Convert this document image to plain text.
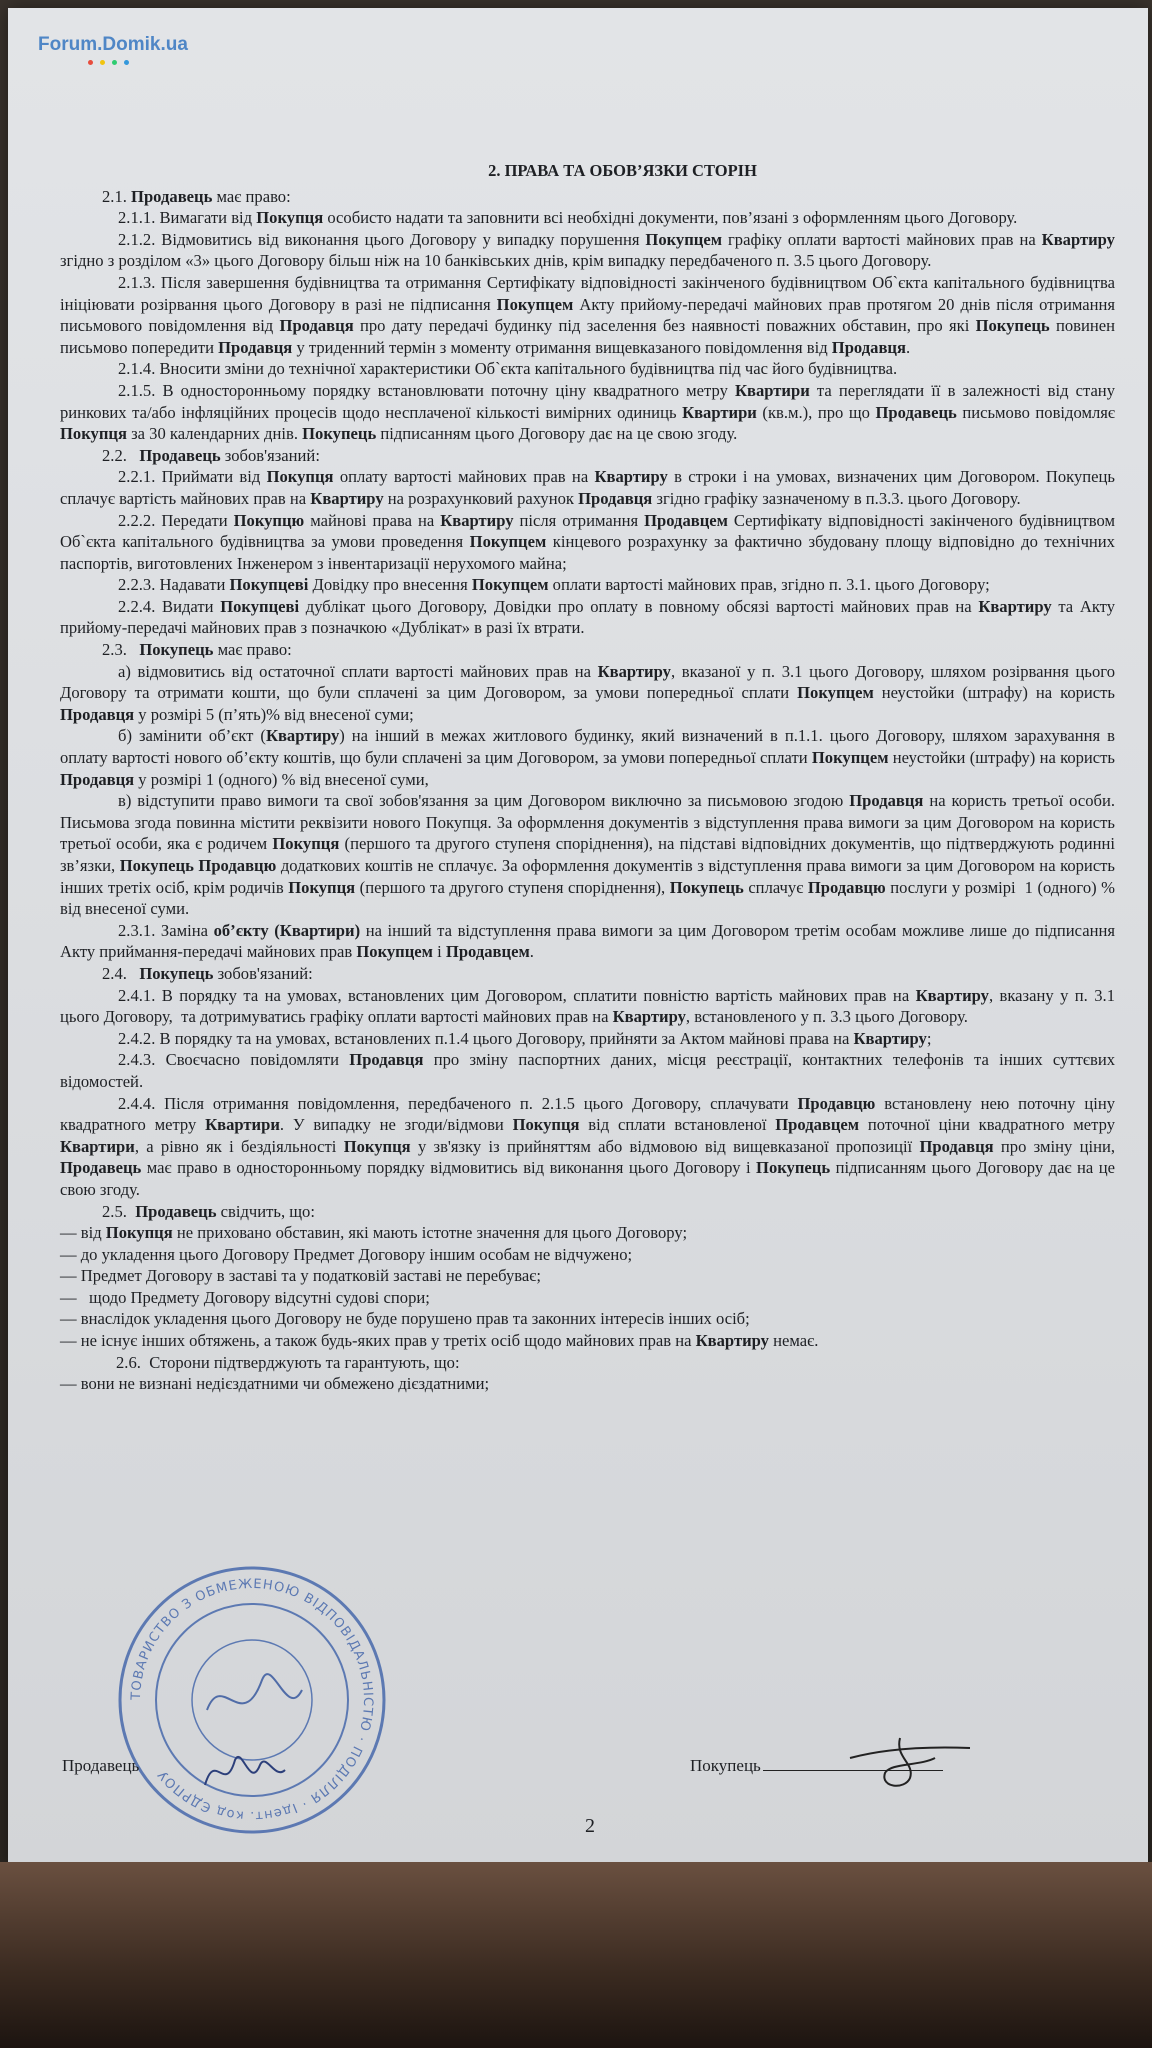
Forum.Domik.ua
2. ПРАВА ТА ОБОВ’ЯЗКИ СТОРІН

2.1. Продавець має право:

2.1.1. Вимагати від Покупця особисто надати та заповнити всі необхідні документи, пов’язані з оформленням цього Договору.

2.1.2. Відмовитись від виконання цього Договору у випадку порушення Покупцем графіку оплати вартості майнових прав на Квартиру згідно з розділом «3» цього Договору більш ніж на 10 банківських днів, крім випадку передбаченого п. 3.5 цього Договору.

2.1.3. Після завершення будівництва та отримання Сертифікату відповідності закінченого будівництвом Об`єкта капітального будівництва ініціювати розірвання цього Договору в разі не підписання Покупцем Акту прийому-передачі майнових прав протягом 20 днів після отримання письмового повідомлення від Продавця про дату передачі будинку під заселення без наявності поважних обставин, про які Покупець повинен письмово попередити Продавця у триденний термін з моменту отримання вищевказаного повідомлення від Продавця.

2.1.4. Вносити зміни до технічної характеристики Об`єкта капітального будівництва під час його будівництва.

2.1.5. В односторонньому порядку встановлювати поточну ціну квадратного метру Квартири та переглядати її в залежності від стану ринкових та/або інфляційних процесів щодо несплаченої кількості вимірних одиниць Квартири (кв.м.), про що Продавець письмово повідомляє Покупця за 30 календарних днів. Покупець підписанням цього Договору дає на це свою згоду.

2.2.   Продавець зобов'язаний:

2.2.1. Приймати від Покупця оплату вартості майнових прав на Квартиру в строки і на умовах, визначених цим Договором. Покупець сплачує вартість майнових прав на Квартиру на розрахунковий рахунок Продавця згідно графіку зазначеному в п.3.3. цього Договору.

2.2.2. Передати Покупцю майнові права на Квартиру після отримання Продавцем Сертифікату відповідності закінченого будівництвом Об`єкта капітального будівництва за умови проведення Покупцем кінцевого розрахунку за фактично збудовану площу відповідно до технічних паспортів, виготовлених Інженером з інвентаризації нерухомого майна;

2.2.3. Надавати Покупцеві Довідку про внесення Покупцем оплати вартості майнових прав, згідно п. 3.1. цього Договору;

2.2.4. Видати Покупцеві дублікат цього Договору, Довідки про оплату в повному обсязі вартості майнових прав на Квартиру та Акту прийому-передачі майнових прав з позначкою «Дублікат» в разі їх втрати.

2.3.   Покупець має право:

а) відмовитись від остаточної сплати вартості майнових прав на Квартиру, вказаної у п. 3.1 цього Договору, шляхом розірвання цього Договору та отримати кошти, що були сплачені за цим Договором, за умови попередньої сплати Покупцем неустойки (штрафу) на користь Продавця у розмірі 5 (п’ять)% від внесеної суми;

б) замінити об’єкт (Квартиру) на інший в межах житлового будинку, який визначений в п.1.1. цього Договору, шляхом зарахування в оплату вартості нового об’єкту коштів, що були сплачені за цим Договором, за умови попередньої сплати Покупцем неустойки (штрафу) на користь Продавця у розмірі 1 (одного) % від внесеної суми,

в) відступити право вимоги та свої зобов'язання за цим Договором виключно за письмовою згодою Продавця на користь третьої особи. Письмова згода повинна містити реквізити нового Покупця. За оформлення документів з відступлення права вимоги за цим Договором на користь третьої особи, яка є родичем Покупця (першого та другого ступеня споріднення), на підставі відповідних документів, що підтверджують родинні зв’язки, Покупець Продавцю додаткових коштів не сплачує. За оформлення документів з відступлення права вимоги за цим Договором на користь інших третіх осіб, крім родичів Покупця (першого та другого ступеня споріднення), Покупець сплачує Продавцю послуги у розмірі  1 (одного) % від внесеної суми.

2.3.1. Заміна об’єкту (Квартири) на інший та відступлення права вимоги за цим Договором третім особам можливе лише до підписання Акту приймання-передачі майнових прав Покупцем і Продавцем.

2.4.   Покупець зобов'язаний:

2.4.1. В порядку та на умовах, встановлених цим Договором, сплатити повністю вартість майнових прав на Квартиру, вказану у п. 3.1 цього Договору,  та дотримуватись графіку оплати вартості майнових прав на Квартиру, встановленого у п. 3.3 цього Договору.

2.4.2. В порядку та на умовах, встановлених п.1.4 цього Договору, прийняти за Актом майнові права на Квартиру;

2.4.3. Своєчасно повідомляти Продавця про зміну паспортних даних, місця реєстрації, контактних телефонів та інших суттєвих відомостей.

2.4.4. Після отримання повідомлення, передбаченого п. 2.1.5 цього Договору, сплачувати Продавцю встановлену нею поточну ціну квадратного метру Квартири. У випадку не згоди/відмови Покупця від сплати встановленої Продавцем поточної ціни квадратного метру Квартири, а рівно як і бездіяльності Покупця у зв'язку із прийняттям або відмовою від вищевказаної пропозиції Продавця про зміну ціни, Продавець має право в односторонньому порядку відмовитись від виконання цього Договору і Покупець підписанням цього Договору дає на це свою згоду.

2.5.  Продавець свідчить, що:

— від Покупця не приховано обставин, які мають істотне значення для цього Договору;

— до укладення цього Договору Предмет Договору іншим особам не відчужено;

— Предмет Договору в заставі та у податковій заставі не перебуває;

—   щодо Предмету Договору відсутні судові спори;

— внаслідок укладення цього Договору не буде порушено прав та законних інтересів інших осіб;

— не існує інших обтяжень, а також будь-яких прав у третіх осіб щодо майнових прав на Квартиру немає.

2.6.  Сторони підтверджують та гарантують, що:

— вони не визнані недієздатними чи обмежено дієздатними;

ТОВАРИСТВО З ОБМЕЖЕНОЮ ВІДПОВІДАЛЬНІСТЮ · ПОДІЛЛЯ · Ідент. код ЄДРПОУ
Продавець	Покупець
2
